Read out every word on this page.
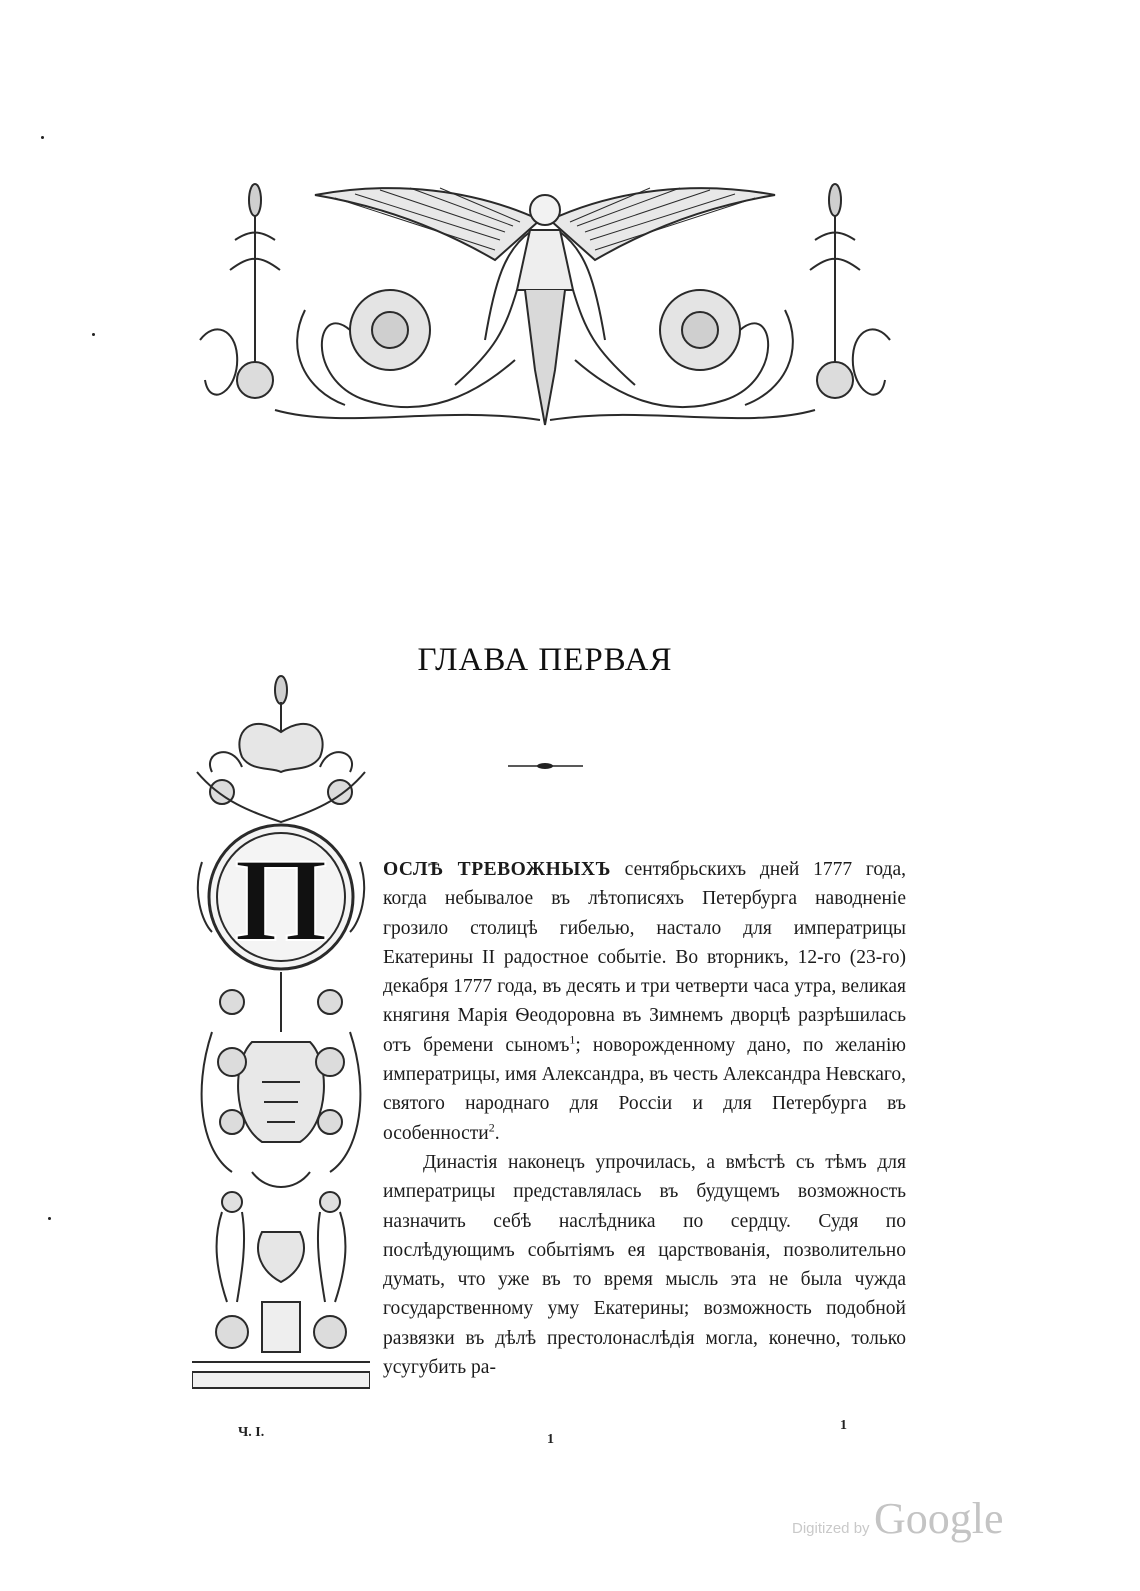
ГЛАВА ПЕРВАЯ
П	ОСЛѢ ТРЕВОЖНЫХЪ сентябрьскихъ дней 1777 года, когда небывалое въ лѣтописяхъ Петербурга наводненіе грозило столицѣ гибелью, настало для императрицы Екатерины II радостное событіе. Во вторникъ, 12-го (23-го) декабря 1777 года, въ десять и три четверти часа утра, великая княгиня Марія Ѳеодоровна въ Зимнемъ дворцѣ разрѣшилась отъ бремени сыномъ$^1$; новорожденному дано, по желанію императрицы, имя Александра, въ честь Александра Невскаго, святого народнаго для Россіи и для Петербурга въ особенности$^2$.

Династія наконецъ упрочилась, а вмѣстѣ съ тѣмъ для императрицы представлялась въ будущемъ возможность назначить себѣ наслѣдника по сердцу. Судя по послѣдующимъ событіямъ ея царствованія, позволительно думать, что уже въ то время мысль эта не была чужда государственному уму Екатерины; возможность подобной развязки въ дѣлѣ престолонаслѣдія могла, конечно, только усугубить ра-

Ч. I.	1
1
Digitized by Google
